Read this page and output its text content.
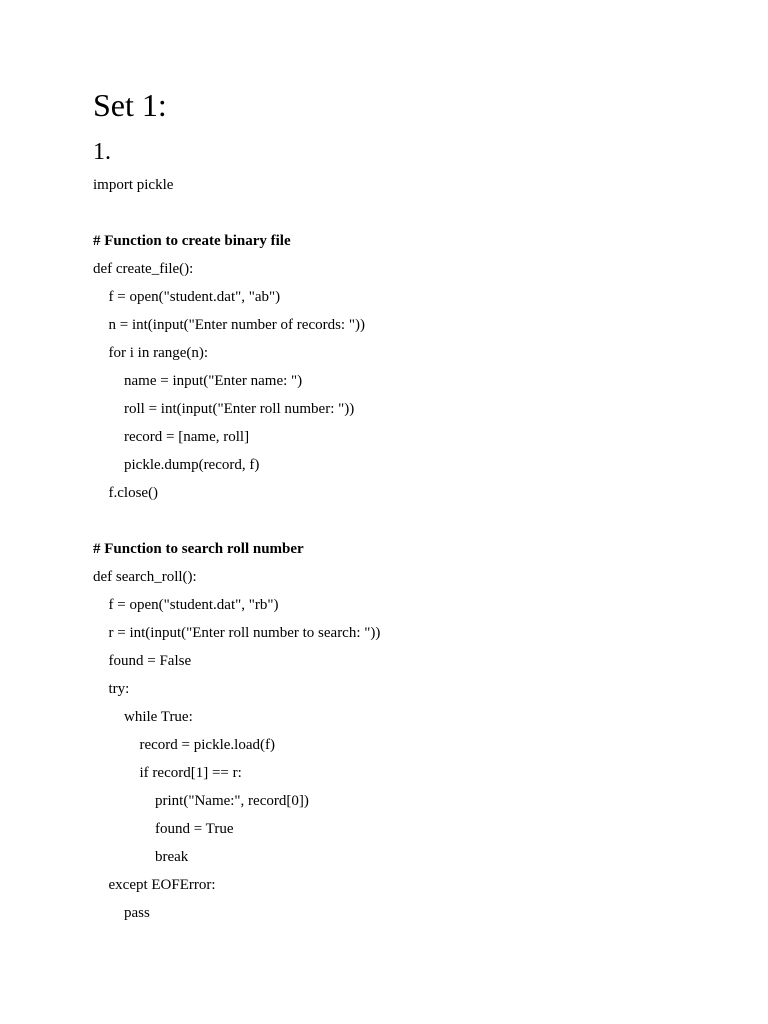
Set 1:
1.
import pickle
# Function to create binary file
def create_file():
f = open("student.dat", "ab")
n = int(input("Enter number of records: "))
for i in range(n):
name = input("Enter name: ")
roll = int(input("Enter roll number: "))
record = [name, roll]
pickle.dump(record, f)
f.close()
# Function to search roll number
def search_roll():
f = open("student.dat", "rb")
r = int(input("Enter roll number to search: "))
found = False
try:
while True:
record = pickle.load(f)
if record[1] == r:
print("Name:", record[0])
found = True
break
except EOFError:
pass
